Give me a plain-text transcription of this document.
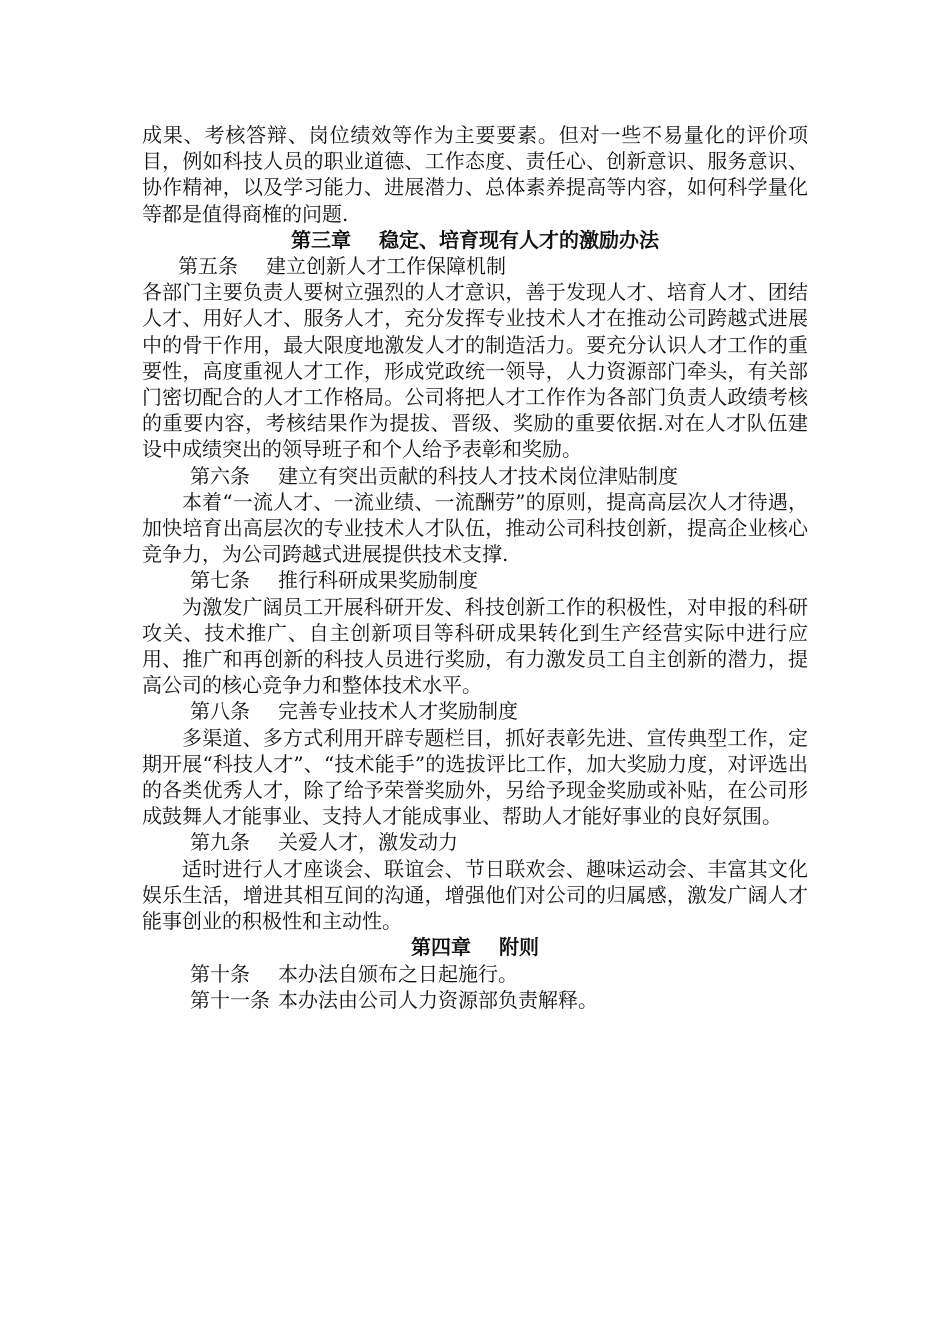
成果、考核答辩、岗位绩效等作为主要要素。但对一些不易量化的评价项目，例如科技人员的职业道德、工作态度、责任心、创新意识、服务意识、协作精神，以及学习能力、进展潜力、总体素养提高等内容，如何科学量化等都是值得商榷的问题.

第三章 稳定、培育现有人才的激励办法

第五条 建立创新人才工作保障机制

各部门主要负责人要树立强烈的人才意识，善于发现人才、培育人才、团结人才、用好人才、服务人才，充分发挥专业技术人才在推动公司跨越式进展中的骨干作用，最大限度地激发人才的制造活力。要充分认识人才工作的重要性，高度重视人才工作，形成党政统一领导，人力资源部门牵头，有关部门密切配合的人才工作格局。公司将把人才工作作为各部门负责人政绩考核的重要内容，考核结果作为提拔、晋级、奖励的重要依据.对在人才队伍建设中成绩突出的领导班子和个人给予表彰和奖励。

第六条 建立有突出贡献的科技人才技术岗位津贴制度

本着“一流人才、一流业绩、一流酬劳”的原则，提高高层次人才待遇，加快培育出高层次的专业技术人才队伍，推动公司科技创新，提高企业核心竞争力，为公司跨越式进展提供技术支撑.

第七条 推行科研成果奖励制度

为激发广阔员工开展科研开发、科技创新工作的积极性，对申报的科研攻关、技术推广、自主创新项目等科研成果转化到生产经营实际中进行应用、推广和再创新的科技人员进行奖励，有力激发员工自主创新的潜力，提高公司的核心竞争力和整体技术水平。

第八条 完善专业技术人才奖励制度

多渠道、多方式利用开辟专题栏目，抓好表彰先进、宣传典型工作，定期开展“科技人才”、“技术能手”的选拔评比工作，加大奖励力度，对评选出的各类优秀人才，除了给予荣誉奖励外，另给予现金奖励或补贴，在公司形成鼓舞人才能事业、支持人才能成事业、帮助人才能好事业的良好氛围。

第九条 关爱人才，激发动力

适时进行人才座谈会、联谊会、节日联欢会、趣味运动会、丰富其文化娱乐生活，增进其相互间的沟通，增强他们对公司的归属感，激发广阔人才能事创业的积极性和主动性。

第四章 附则

第十条 本办法自颁布之日起施行。

第十一条 本办法由公司人力资源部负责解释。
